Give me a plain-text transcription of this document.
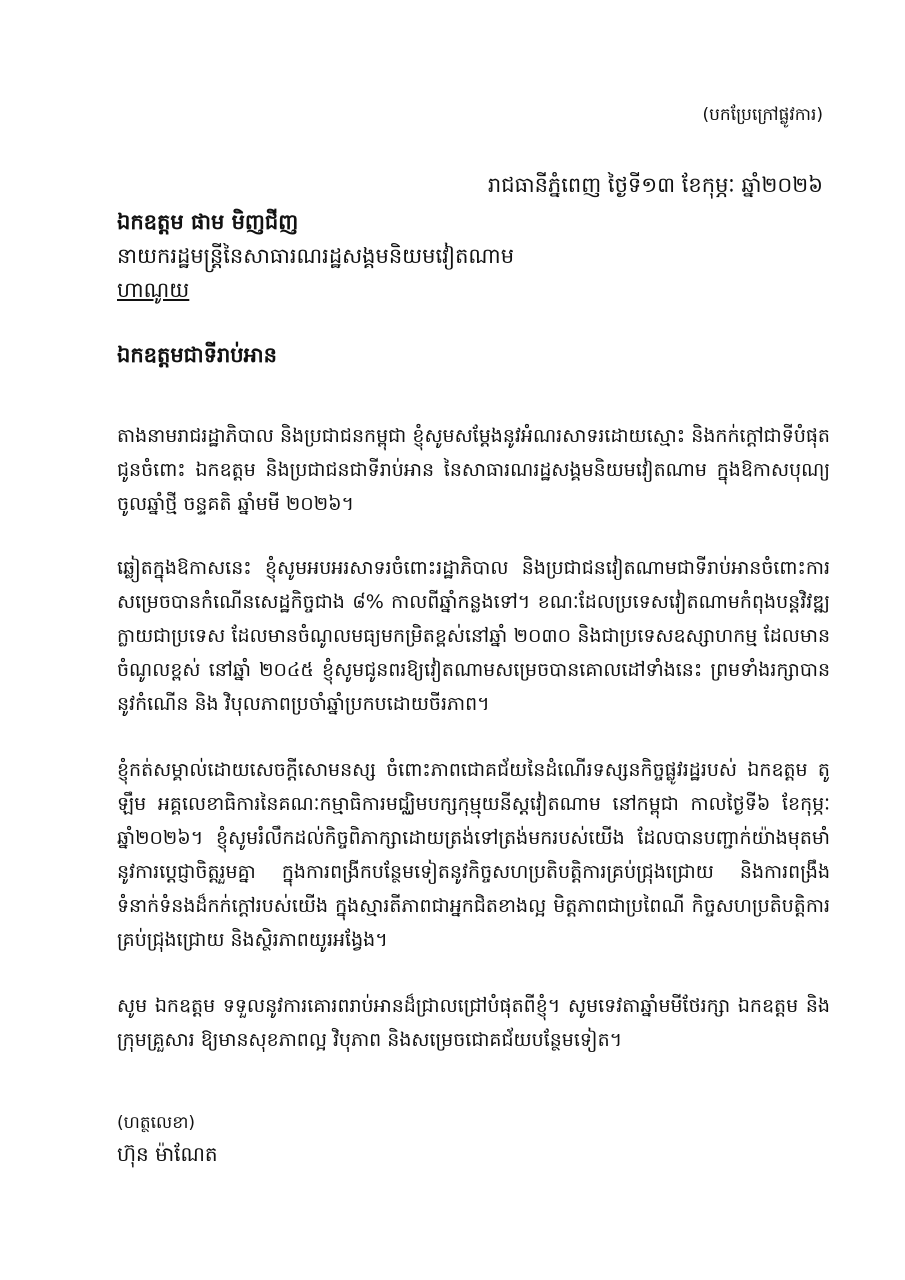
(បកប្រែក្រៅផ្លូវការ)
រាជធានីភ្នំពេញ ថ្ងៃទី១៣ ខែកុម្ភៈ ឆ្នាំ២០២៦
ឯកឧត្តម ផាម មិញជីញ
នាយករដ្ឋមន្ត្រីនៃសាធារណរដ្ឋសង្គមនិយមវៀតណាម
ហាណូយ
ឯកឧត្តមជាទីរាប់អាន

តាងនាមរាជរដ្ឋាភិបាល និងប្រជាជនកម្ពុជា ខ្ញុំសូមសម្ដែងនូវអំណរសាទរដោយស្មោះ និងកក់ក្ដៅជាទីបំផុត ជូនចំពោះ ឯកឧត្តម និងប្រជាជនជាទីរាប់អាន នៃសាធារណរដ្ឋសង្គមនិយមវៀតណាម ក្នុងឱកាសបុណ្យចូលឆ្នាំថ្មី ចន្ទគតិ ឆ្នាំមមី ២០២៦។

ឆ្លៀតក្នុងឱកាសនេះ ខ្ញុំសូមអបអរសាទរចំពោះរដ្ឋាភិបាល និងប្រជាជនវៀតណាមជាទីរាប់អានចំពោះការសម្រេចបានកំណើនសេដ្ឋកិច្ចជាង ៨% កាលពីឆ្នាំកន្លងទៅ។ ខណៈដែលប្រទេសវៀតណាមកំពុងបន្តវិវឌ្ឍក្លាយជាប្រទេស ដែលមានចំណូលមធ្យមកម្រិតខ្ពស់នៅឆ្នាំ ២០៣០ និងជាប្រទេសឧស្សាហកម្ម ដែលមានចំណូលខ្ពស់ នៅឆ្នាំ ២០៤៥ ខ្ញុំសូមជូនពរឱ្យវៀតណាមសម្រេចបានគោលដៅទាំងនេះ ព្រមទាំងរក្សាបាននូវកំណើន និង វិបុលភាពប្រចាំឆ្នាំប្រកបដោយចីរភាព។

ខ្ញុំកត់សម្គាល់ដោយសេចក្ដីសោមនស្ស ចំពោះភាពជោគជ័យនៃដំណើរទស្សនកិច្ចផ្លូវរដ្ឋរបស់ ឯកឧត្តម តូ ឡឹម អគ្គលេខាធិការនៃគណៈកម្មាធិការមជ្ឈិមបក្សកុម្មុយនីស្តវៀតណាម នៅកម្ពុជា កាលថ្ងៃទី៦ ខែកុម្ភៈ ឆ្នាំ២០២៦។ ខ្ញុំសូមរំលឹកដល់កិច្ចពិភាក្សាដោយត្រង់ទៅត្រង់មករបស់យើង ដែលបានបញ្ជាក់យ៉ាងមុតមាំនូវការប្ដេជ្ញាចិត្តរួមគ្នា ក្នុងការពង្រីកបន្ថែមទៀតនូវកិច្ចសហប្រតិបត្តិការគ្រប់ជ្រុងជ្រោយ និងការពង្រឹងទំនាក់ទំនងដ៏កក់ក្ដៅរបស់យើង ក្នុងស្មារតីភាពជាអ្នកជិតខាងល្អ មិត្តភាពជាប្រពៃណី កិច្ចសហប្រតិបត្តិការគ្រប់ជ្រុងជ្រោយ និងស្ថិរភាពយូរអង្វែង។

សូម ឯកឧត្តម ទទួលនូវការគោរពរាប់អានដ៏ជ្រាលជ្រៅបំផុតពីខ្ញុំ។ សូមទេវតាឆ្នាំមមីថែរក្សា ឯកឧត្តម និងក្រុមគ្រួសារ ឱ្យមានសុខភាពល្អ វិបុភាព និងសម្រេចជោគជ័យបន្ថែមទៀត។

(ហត្ថលេខា)
ហ៊ុន ម៉ាណែត
